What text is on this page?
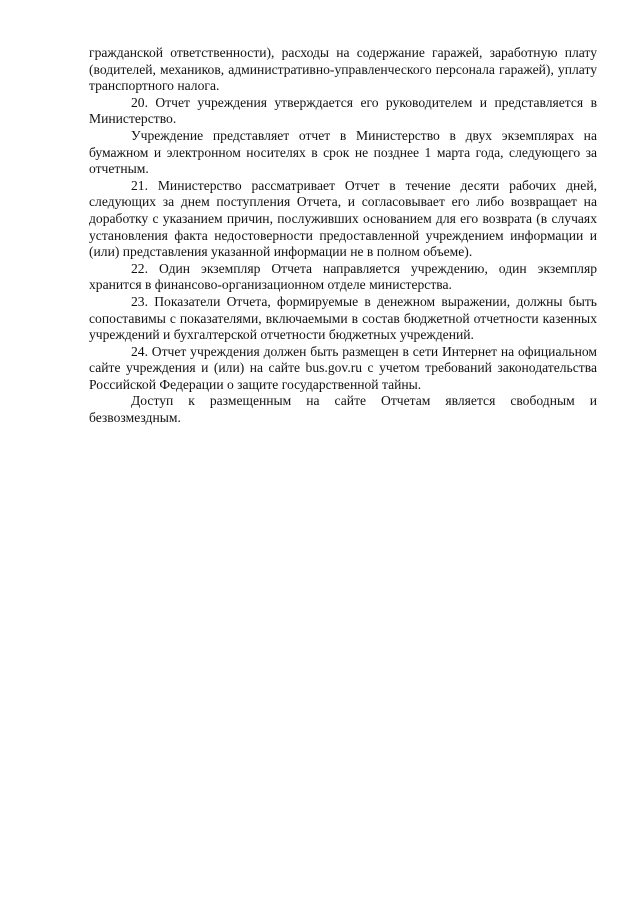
гражданской ответственности), расходы на содержание гаражей, заработную плату (водителей, механиков, административно-управленческого персонала гаражей), уплату транспортного налога.

20. Отчет учреждения утверждается его руководителем и представляется в Министерство.

Учреждение представляет отчет в Министерство в двух экземплярах на бумажном и электронном носителях в срок не позднее 1 марта года, следующего за отчетным.

21. Министерство рассматривает Отчет в течение десяти рабочих дней, следующих за днем поступления Отчета, и согласовывает его либо возвращает на доработку с указанием причин, послуживших основанием для его возврата (в случаях установления факта недостоверности предоставленной учреждением информации и (или) представления указанной информации не в полном объеме).

22. Один экземпляр Отчета направляется учреждению, один экземпляр хранится в финансово-организационном отделе министерства.

23. Показатели Отчета, формируемые в денежном выражении, должны быть сопоставимы с показателями, включаемыми в состав бюджетной отчетности казенных учреждений и бухгалтерской отчетности бюджетных учреждений.

24. Отчет учреждения должен быть размещен в сети Интернет на официальном сайте учреждения и (или) на сайте bus.gov.ru с учетом требований законодательства Российской Федерации о защите государственной тайны.

Доступ к размещенным на сайте Отчетам является свободным и безвозмездным.
